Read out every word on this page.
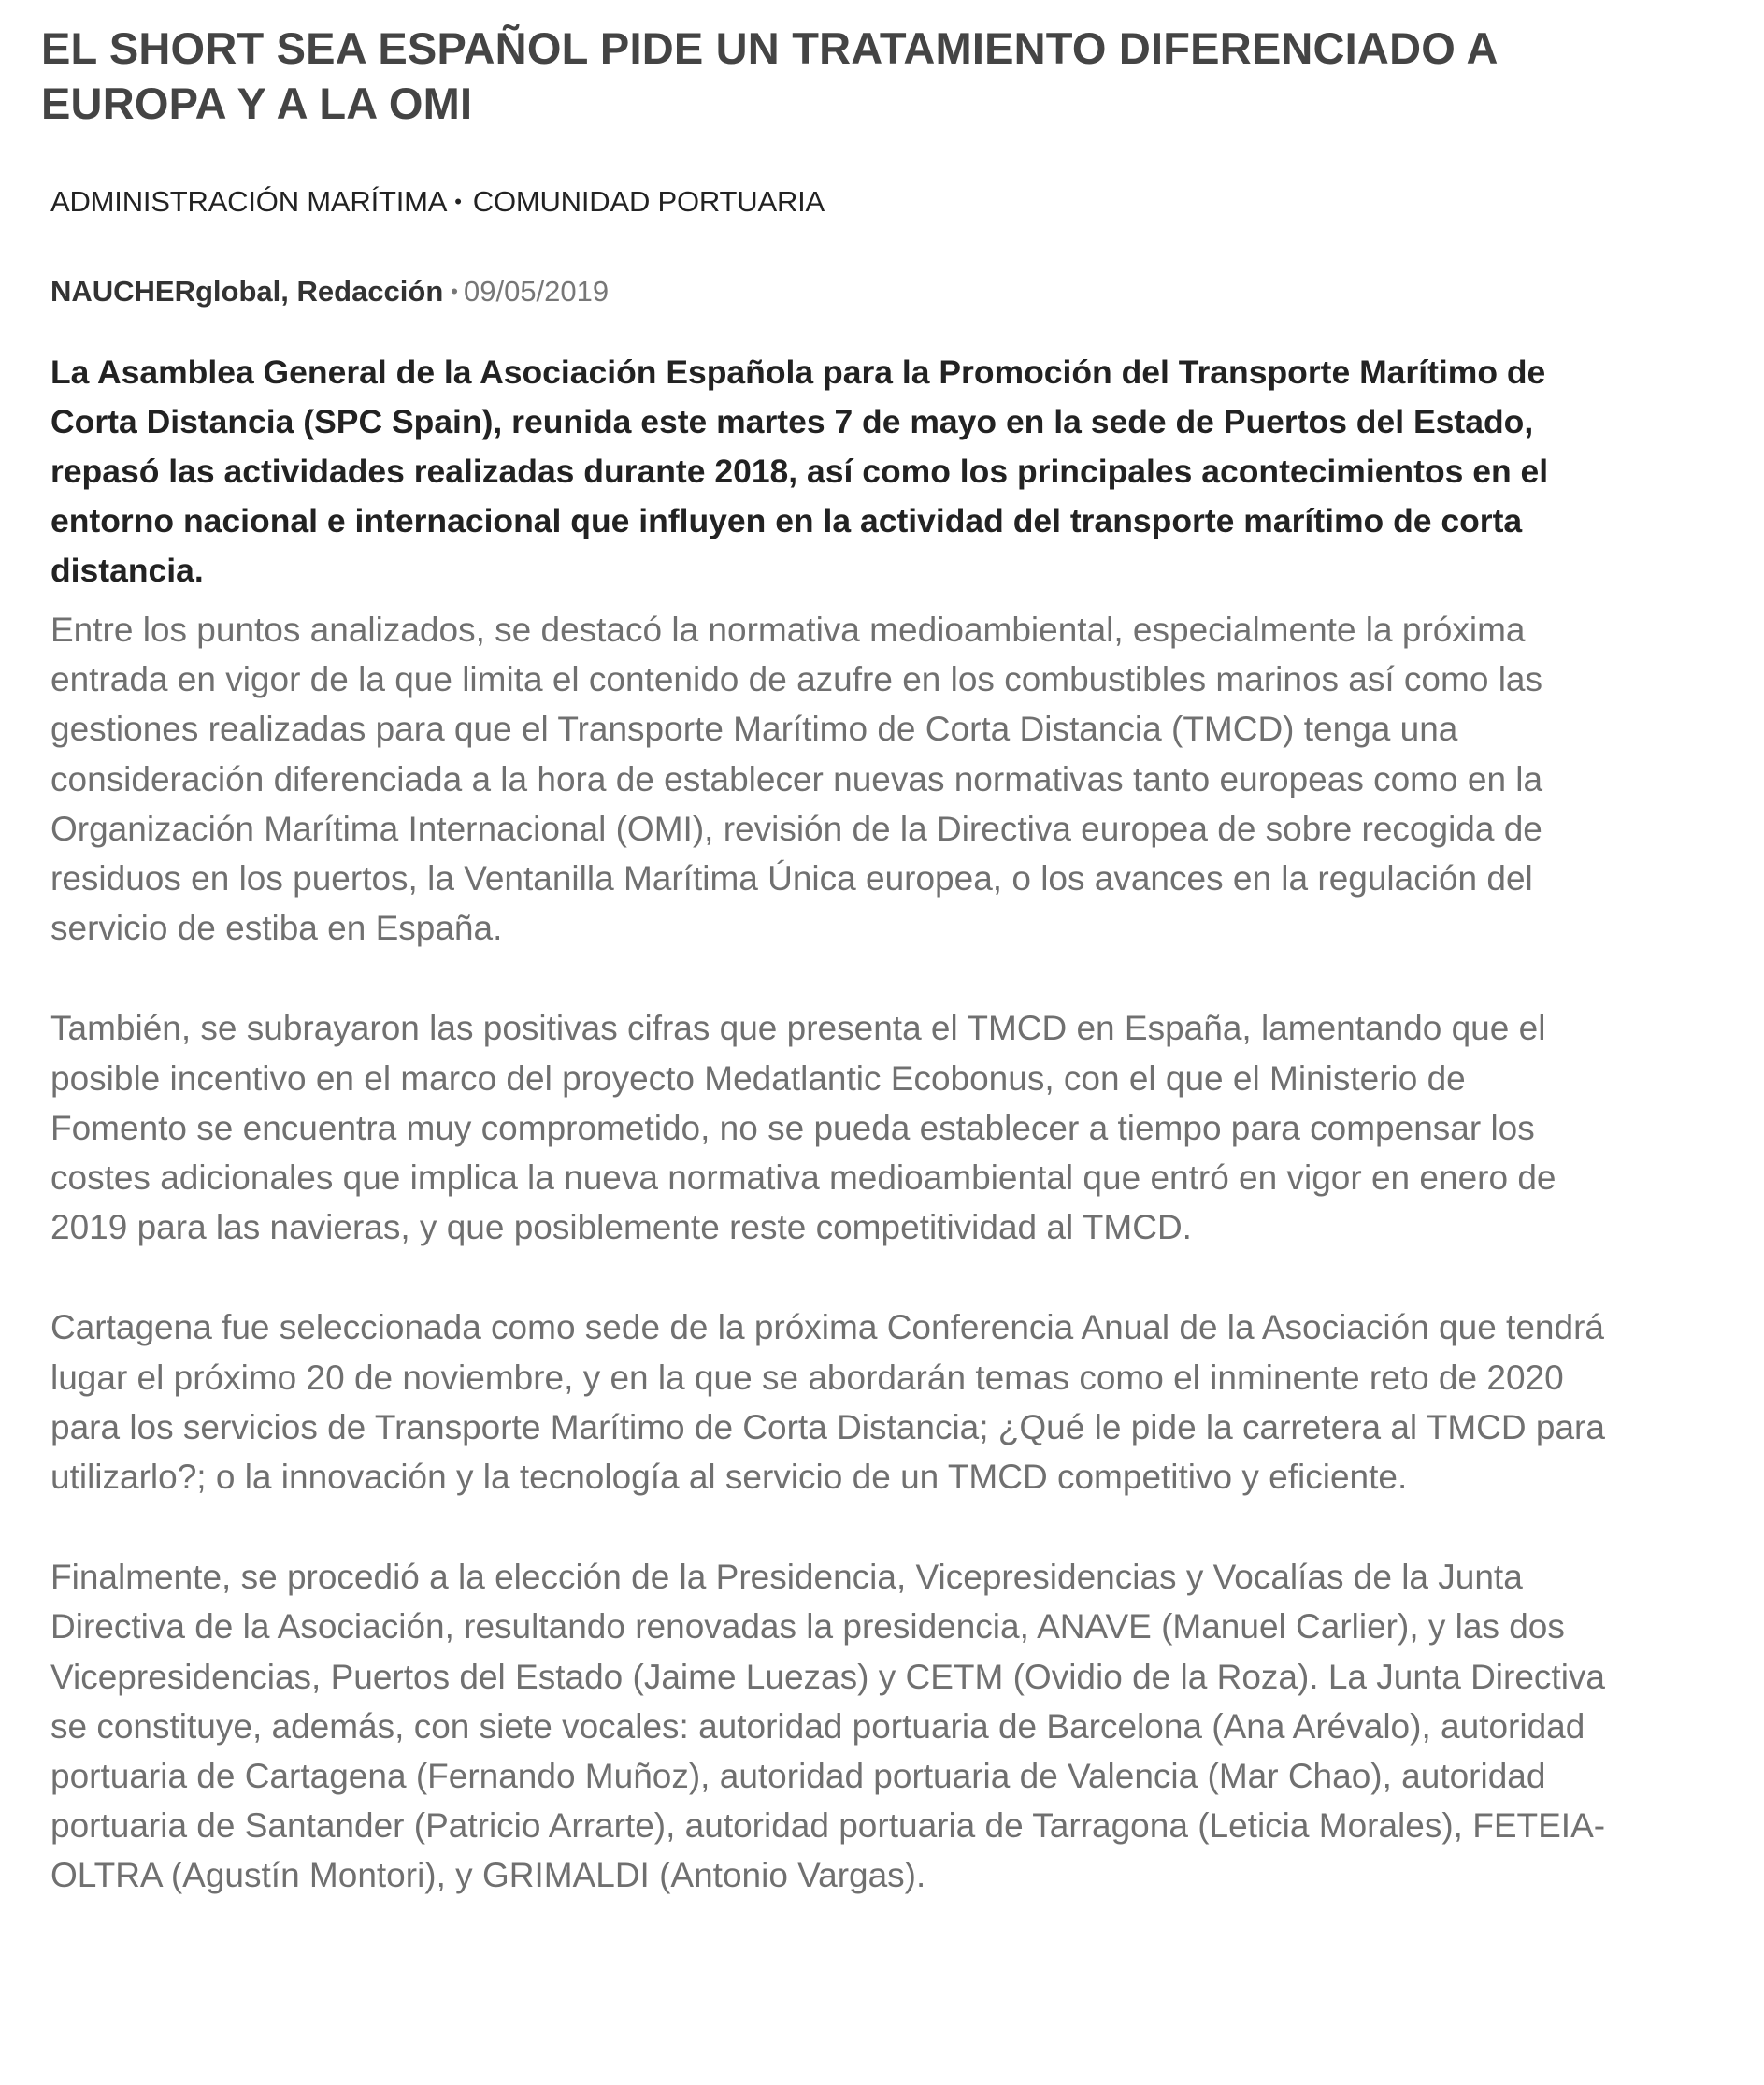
EL SHORT SEA ESPAÑOL PIDE UN TRATAMIENTO DIFERENCIADO A EUROPA Y A LA OMI
ADMINISTRACIÓN MARÍTIMA • COMUNIDAD PORTUARIA
NAUCHERglobal, Redacción • 09/05/2019

La Asamblea General de la Asociación Española para la Promoción del Transporte Marítimo de Corta Distancia (SPC Spain), reunida este martes 7 de mayo en la sede de Puertos del Estado, repasó las actividades realizadas durante 2018, así como los principales acontecimientos en el entorno nacional e internacional que influyen en la actividad del transporte marítimo de corta distancia.

Entre los puntos analizados, se destacó la normativa medioambiental, especialmente la próxima entrada en vigor de la que limita el contenido de azufre en los combustibles marinos así como las gestiones realizadas para que el Transporte Marítimo de Corta Distancia (TMCD) tenga una consideración diferenciada a la hora de establecer nuevas normativas tanto europeas como en la Organización Marítima Internacional (OMI), revisión de la Directiva europea de sobre recogida de residuos en los puertos, la Ventanilla Marítima Única europea, o los avances en la regulación del servicio de estiba en España.

También, se subrayaron las positivas cifras que presenta el TMCD en España, lamentando que el posible incentivo en el marco del proyecto Medatlantic Ecobonus, con el que el Ministerio de Fomento se encuentra muy comprometido, no se pueda establecer a tiempo para compensar los costes adicionales que implica la nueva normativa medioambiental que entró en vigor en enero de 2019 para las navieras, y que posiblemente reste competitividad al TMCD.

Cartagena fue seleccionada como sede de la próxima Conferencia Anual de la Asociación que tendrá lugar el próximo 20 de noviembre, y en la que se abordarán temas como el inminente reto de 2020 para los servicios de Transporte Marítimo de Corta Distancia; ¿Qué le pide la carretera al TMCD para utilizarlo?; o la innovación y la tecnología al servicio de un TMCD competitivo y eficiente.

Finalmente, se procedió a la elección de la Presidencia, Vicepresidencias y Vocalías de la Junta Directiva de la Asociación, resultando renovadas la presidencia, ANAVE (Manuel Carlier), y las dos Vicepresidencias, Puertos del Estado (Jaime Luezas) y CETM (Ovidio de la Roza). La Junta Directiva se constituye, además, con siete vocales: autoridad portuaria de Barcelona (Ana Arévalo), autoridad portuaria de Cartagena (Fernando Muñoz), autoridad portuaria de Valencia (Mar Chao), autoridad portuaria de Santander (Patricio Arrarte), autoridad portuaria de Tarragona (Leticia Morales), FETEIA-OLTRA (Agustín Montori), y GRIMALDI (Antonio Vargas).
